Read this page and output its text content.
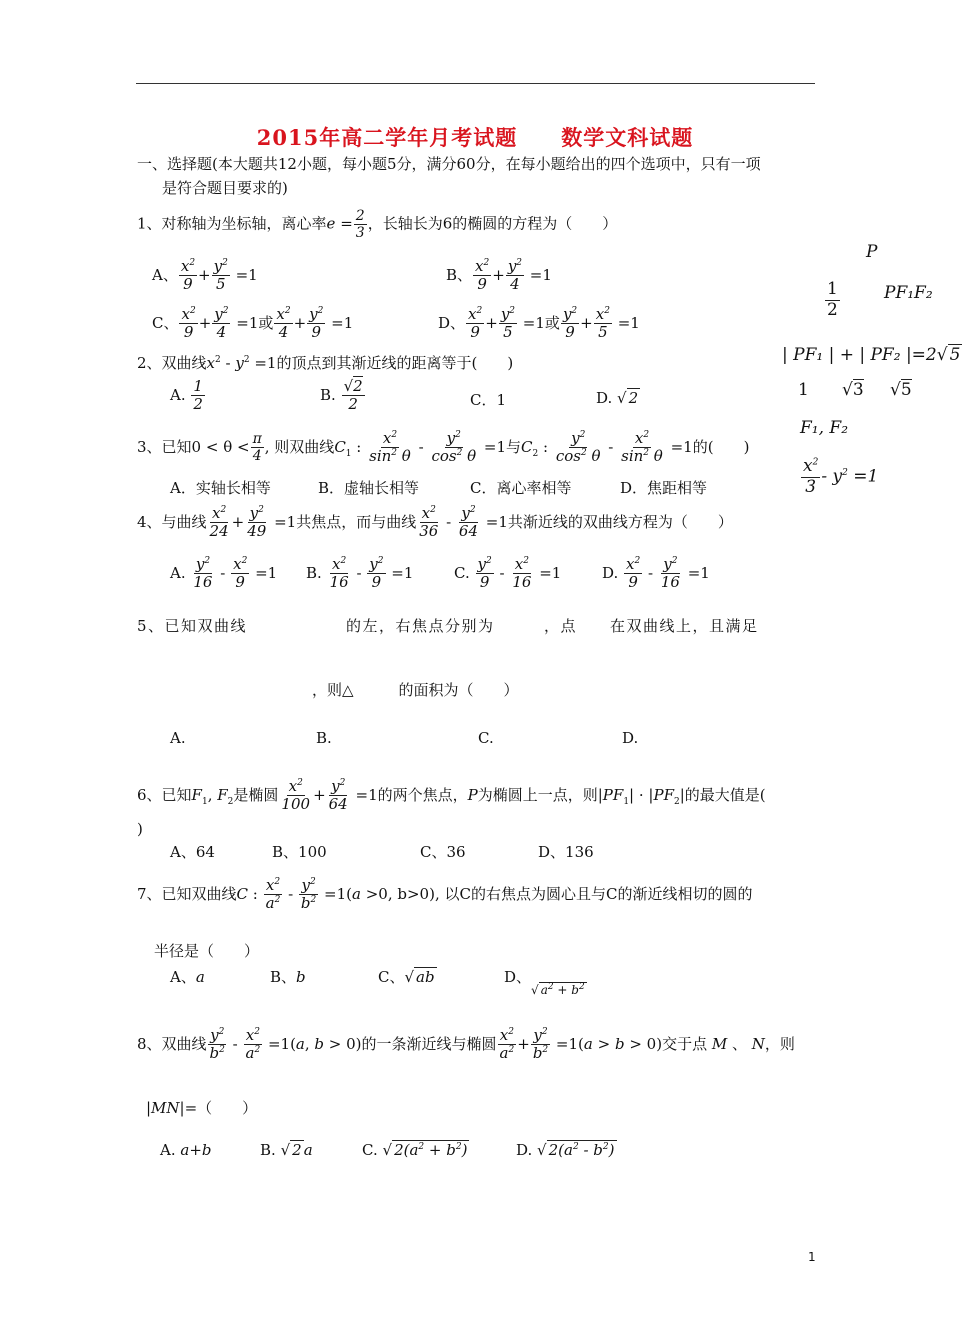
2015年高二学年月考试题　　数学文科试题
一、选择题(本大题共12小题，每小题5分，满分60分，在每小题给出的四个选项中，只有一项
是符合题目要求的)
1、对称轴为坐标轴，离心率$e = \frac{2}{3}$ ，长轴长为6的椭圆的方程为（　　）
A、 $\frac{x^2}{9} + \frac{y^2}{5} =1$	B、 $\frac{x^2}{9} + \frac{y^2}{4} =1$
C、 $\frac{x^2}{9} + \frac{y^2}{4} =1$或 $\frac{x^2}{4} + \frac{y^2}{9} =1$	D、 $\frac{x^2}{9} + \frac{y^2}{5} =1$或 $\frac{y^2}{9} + \frac{x^2}{5} =1$
2、双曲线$x^2 - y^2 =1$的顶点到其渐近线的距离等于(　　)
A. $\frac{1}{2}$	B. $\frac{√2}{2}$	C．1	D. √ 2
3、已知$0 < \theta < \frac{\pi}{4}$ , 则双曲线$C_1$ : $\frac{x^2}{\sin^2 \theta} - \frac{y^2}{\cos^2 \theta} =1$与$C_2$ : $\frac{y^2}{\cos^2 \theta} - \frac{x^2}{\sin^2 \theta} =1$的(　　)
A．实轴长相等	B．虚轴长相等	C．离心率相等	D．焦距相等
4、与曲线 $\frac{x^2}{24} + \frac{y^2}{49} =1$共焦点，而与曲线 $\frac{x^2}{36} - \frac{y^2}{64} =1$共渐近线的双曲线方程为（　　）
A. $\frac{y^2}{16} - \frac{x^2}{9} =1$ B. $\frac{x^2}{16} - \frac{y^2}{9} =1$	C. $\frac{y^2}{9} - \frac{x^2}{16} =1$	D. $\frac{x^2}{9} - \frac{y^2}{16} =1$
5、已知双曲线　　　　　　的左，右焦点分别为　　　，点　　在双曲线上，且满足
，则△　　　的面积为（　　）
A.	B.	C.	D.
6、已知$F_1$, $F_2$是椭圆 $\frac{x^2}{100} + \frac{y^2}{64} =1$的两个焦点，P为椭圆上一点，则$|PF_1| \cdot |PF_2|$的最大值是(
)
A、64	B、100	C、36	D、136
7、已知双曲线C : $\frac{x^2}{a^2} - \frac{y^2}{b^2} =1(a >0$, b>0), 以C的右焦点为圆心且与C的渐近线相切的圆的
半径是（　　）
A、a	B、b	C、√ ab	D、$_{√ a^2 + b^2}$
8、双曲线 $\frac{y^2}{b^2} - \frac{x^2}{a^2} =1(a$, b > 0)的一条渐近线与椭圆 $\frac{x^2}{a^2} + \frac{y^2}{b^2} =1(a > b > 0)$交于点 M 、 N，则
|MN|=（　　）
A. a+b	B. √ 2 a	C. √ $2(a^2 + b^2)$	D. √ $2(a^2 - b^2)$
P
$\frac{1}{2}$	PF₁F₂
| PF₁ | + | PF₂ |=2√ 5
1 √3 √5
F₁, F₂
$\frac{x^2}{3} - y^2 =1$
1
